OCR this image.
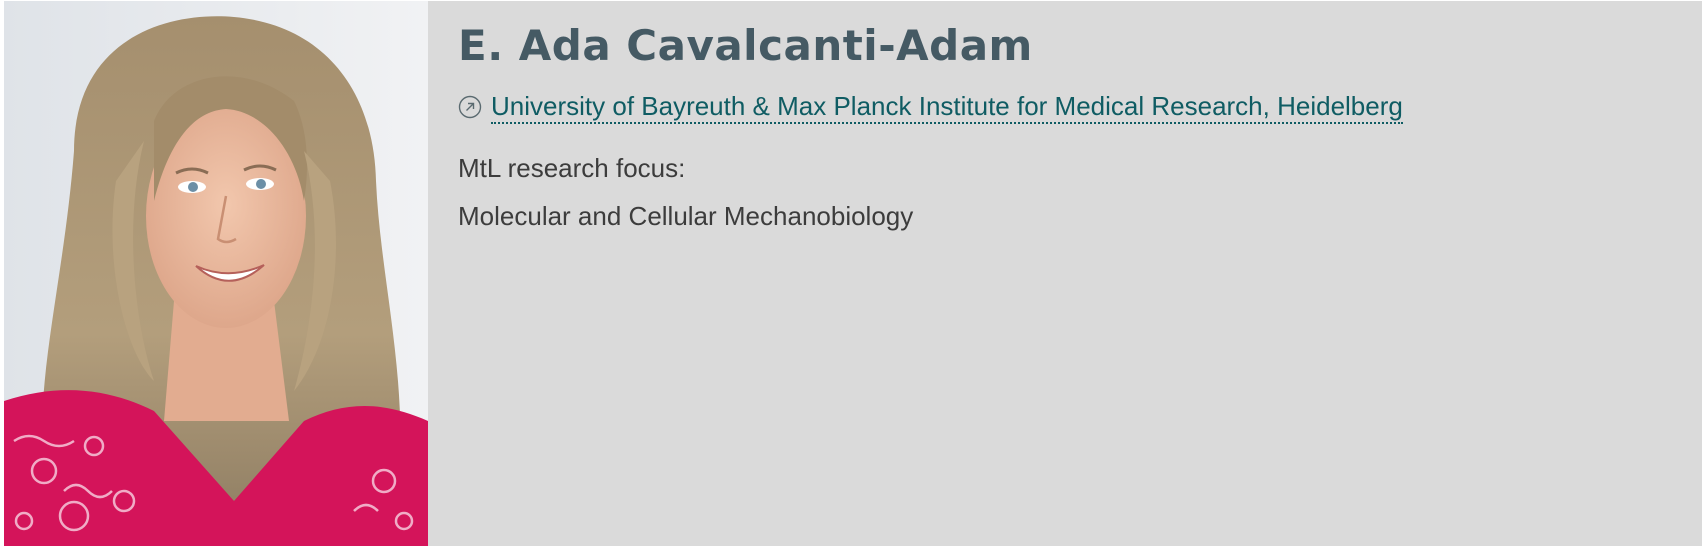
E. Ada Cavalcanti-Adam
University of Bayreuth & Max Planck Institute for Medical Research, Heidelberg
MtL research focus:
Molecular and Cellular Mechanobiology
